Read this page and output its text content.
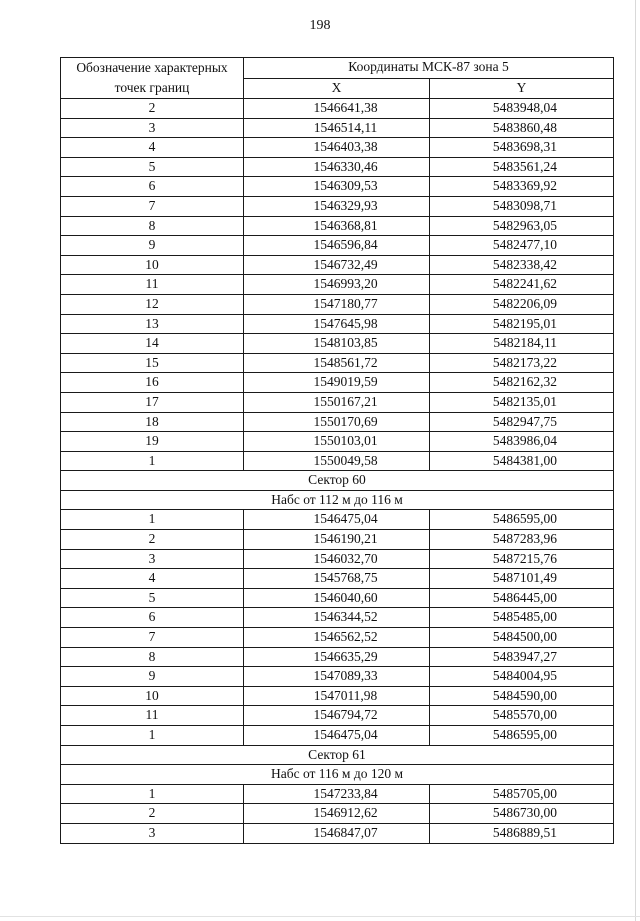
198
Обозначение характерных точек границ	Координаты МСК-87 зона 5	
	X	Y
2	1546641,38	5483948,04
3	1546514,11	5483860,48
4	1546403,38	5483698,31
5	1546330,46	5483561,24
6	1546309,53	5483369,92
7	1546329,93	5483098,71
8	1546368,81	5482963,05
9	1546596,84	5482477,10
10	1546732,49	5482338,42
11	1546993,20	5482241,62
12	1547180,77	5482206,09
13	1547645,98	5482195,01
14	1548103,85	5482184,11
15	1548561,72	5482173,22
16	1549019,59	5482162,32
17	1550167,21	5482135,01
18	1550170,69	5482947,75
19	1550103,01	5483986,04
1	1550049,58	5484381,00
Сектор 60		
Набс от 112 м до 116 м		
1	1546475,04	5486595,00
2	1546190,21	5487283,96
3	1546032,70	5487215,76
4	1545768,75	5487101,49
5	1546040,60	5486445,00
6	1546344,52	5485485,00
7	1546562,52	5484500,00
8	1546635,29	5483947,27
9	1547089,33	5484004,95
10	1547011,98	5484590,00
11	1546794,72	5485570,00
1	1546475,04	5486595,00
Сектор 61		
Набс от 116 м до 120 м		
1	1547233,84	5485705,00
2	1546912,62	5486730,00
3	1546847,07	5486889,51
